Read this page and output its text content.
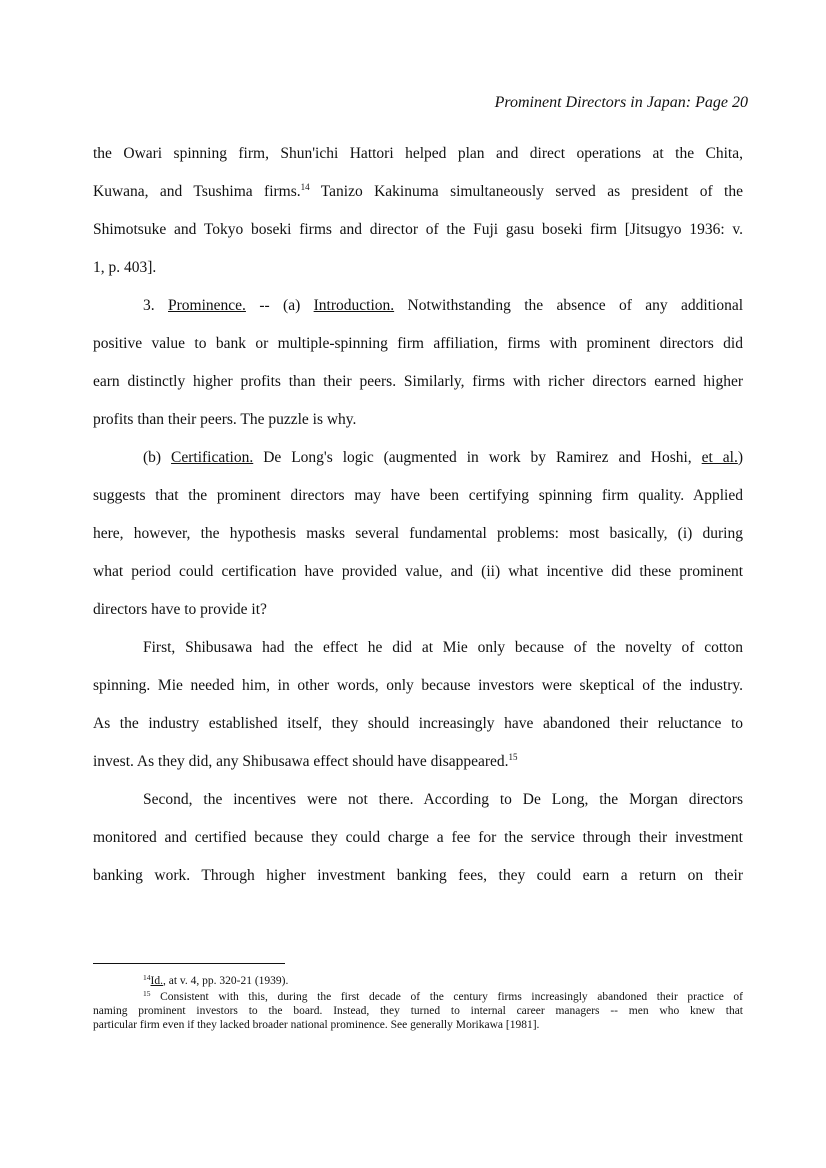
Prominent Directors in Japan: Page 20
the Owari spinning firm, Shun'ichi Hattori helped plan and direct operations at the Chita,
Kuwana, and Tsushima firms.$^{14}$ Tanizo Kakinuma simultaneously served as president of the
Shimotsuke and Tokyo boseki firms and director of the Fuji gasu boseki firm [Jitsugyo 1936: v.
1, p. 403].
3. Prominence. -- (a) Introduction. Notwithstanding the absence of any additional
positive value to bank or multiple-spinning firm affiliation, firms with prominent directors did
earn distinctly higher profits than their peers. Similarly, firms with richer directors earned higher
profits than their peers. The puzzle is why.
(b) Certification. De Long's logic (augmented in work by Ramirez and Hoshi, et al.)
suggests that the prominent directors may have been certifying spinning firm quality. Applied
here, however, the hypothesis masks several fundamental problems: most basically, (i) during
what period could certification have provided value, and (ii) what incentive did these prominent
directors have to provide it?
First, Shibusawa had the effect he did at Mie only because of the novelty of cotton
spinning. Mie needed him, in other words, only because investors were skeptical of the industry.
As the industry established itself, they should increasingly have abandoned their reluctance to
invest. As they did, any Shibusawa effect should have disappeared.$^{15}$
Second, the incentives were not there. According to De Long, the Morgan directors
monitored and certified because they could charge a fee for the service through their investment
banking work. Through higher investment banking fees, they could earn a return on their
$^{14}$Id., at v. 4, pp. 320-21 (1939).
$^{15}$ Consistent with this, during the first decade of the century firms increasingly abandoned their practice of
naming prominent investors to the board. Instead, they turned to internal career managers -- men who knew that
particular firm even if they lacked broader national prominence. See generally Morikawa [1981].
